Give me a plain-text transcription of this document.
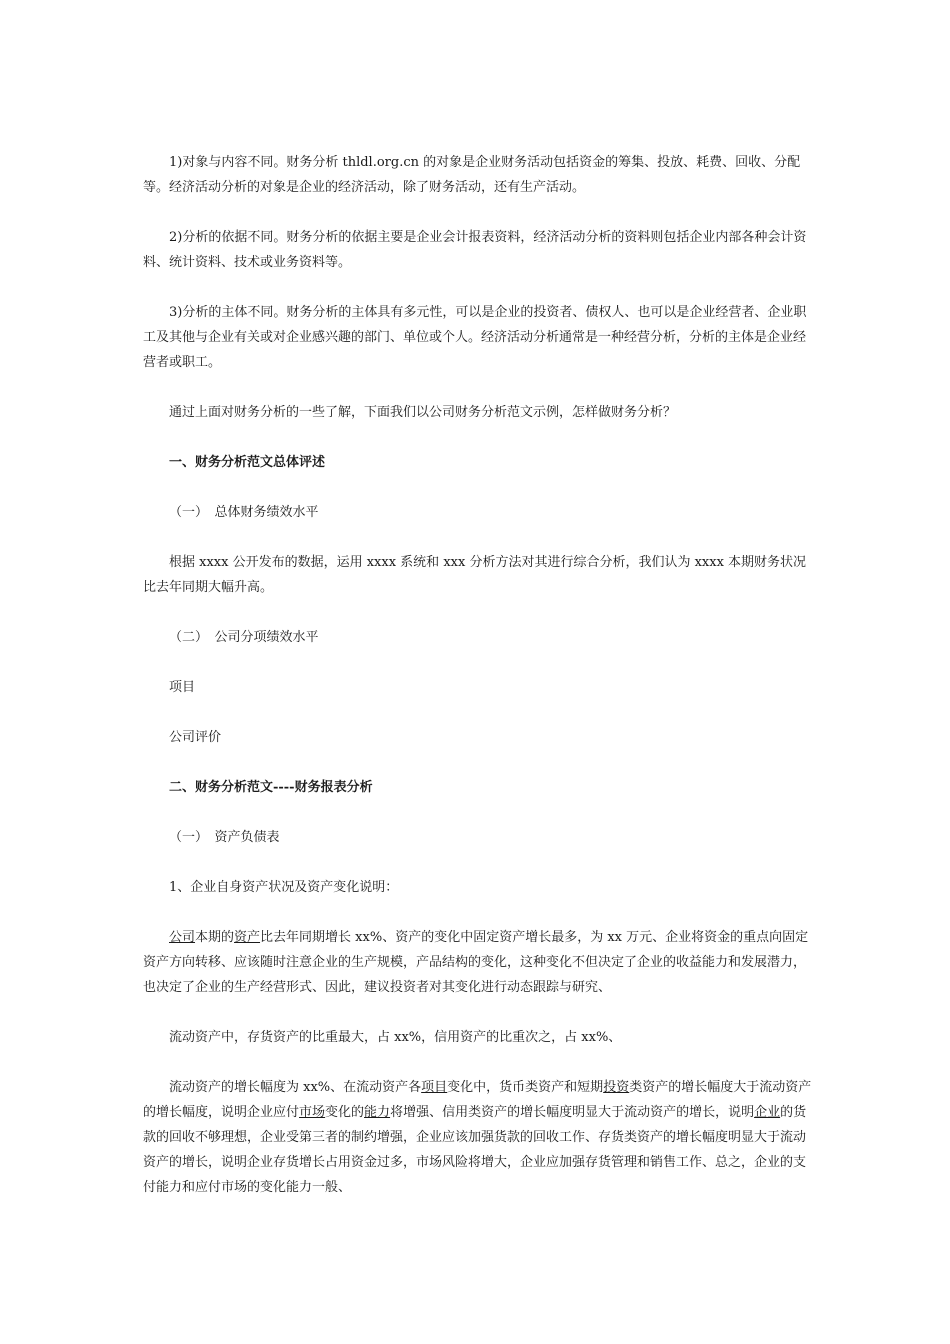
1)对象与内容不同。财务分析 thldl.org.cn 的对象是企业财务活动包括资金的筹集、投放、耗费、回收、分配等。经济活动分析的对象是企业的经济活动，除了财务活动，还有生产活动。

2)分析的依据不同。财务分析的依据主要是企业会计报表资料，经济活动分析的资料则包括企业内部各种会计资料、统计资料、技术或业务资料等。

3)分析的主体不同。财务分析的主体具有多元性，可以是企业的投资者、债权人、也可以是企业经营者、企业职工及其他与企业有关或对企业感兴趣的部门、单位或个人。经济活动分析通常是一种经营分析，分析的主体是企业经营者或职工。

通过上面对财务分析的一些了解，下面我们以公司财务分析范文示例，怎样做财务分析？

一、财务分析范文总体评述

（一）　总体财务绩效水平

根据 xxxx 公开发布的数据，运用 xxxx 系统和 xxx 分析方法对其进行综合分析，我们认为 xxxx 本期财务状况比去年同期大幅升高。

（二）　公司分项绩效水平

项目

公司评价

二、财务分析范文----财务报表分析

（一）　资产负债表

1、企业自身资产状况及资产变化说明：

公司本期的资产比去年同期增长 xx%、资产的变化中固定资产增长最多，为 xx 万元、企业将资金的重点向固定资产方向转移、应该随时注意企业的生产规模，产品结构的变化，这种变化不但决定了企业的收益能力和发展潜力，也决定了企业的生产经营形式、因此，建议投资者对其变化进行动态跟踪与研究、

流动资产中，存货资产的比重最大，占 xx%，信用资产的比重次之，占 xx%、

流动资产的增长幅度为 xx%、在流动资产各项目变化中，货币类资产和短期投资类资产的增长幅度大于流动资产的增长幅度，说明企业应付市场变化的能力将增强、信用类资产的增长幅度明显大于流动资产的增长，说明企业的货款的回收不够理想，企业受第三者的制约增强，企业应该加强货款的回收工作、存货类资产的增长幅度明显大于流动资产的增长，说明企业存货增长占用资金过多，市场风险将增大，企业应加强存货管理和销售工作、总之，企业的支付能力和应付市场的变化能力一般、
